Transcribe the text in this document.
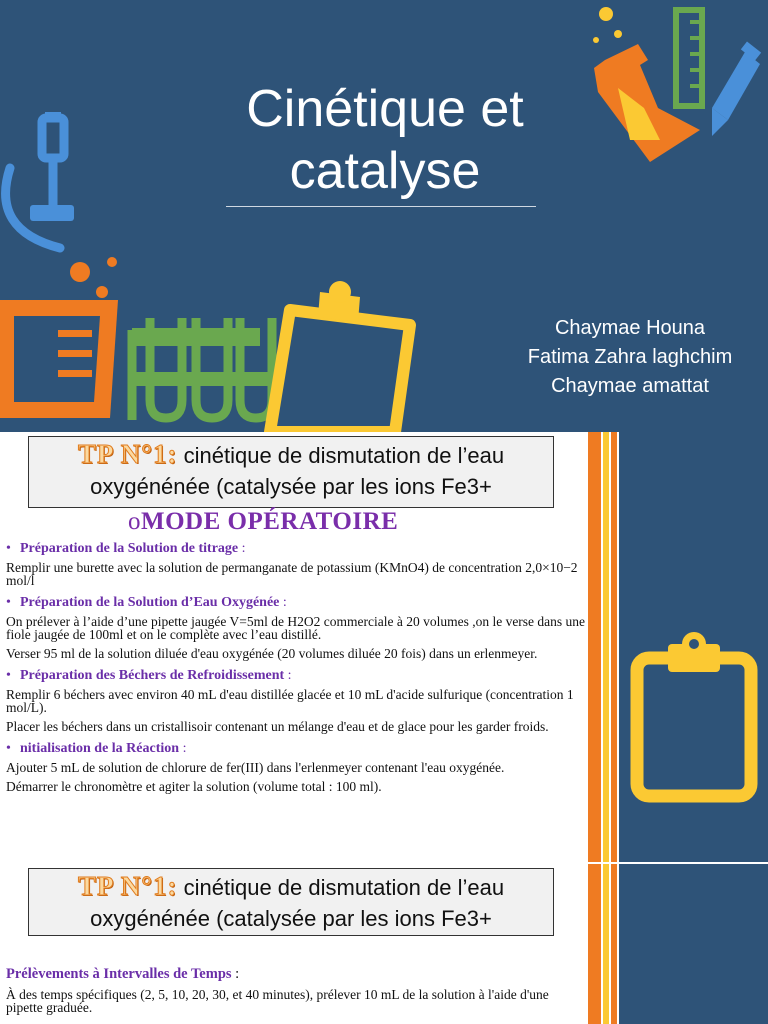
Cinétique et
catalyse
Chaymae Houna
Fatima Zahra laghchim
Chaymae amattat
TP N°1: cinétique de dismutation de l’eau
oxygénénée (catalysée par les ions Fe3+
oMODE OPÉRATOIRE
• Préparation de la Solution de titrage :

Remplir une burette avec la solution de permanganate de potassium (KMnO4) de concentration 2,0×10−2 mol/l

• Préparation de la Solution d’Eau Oxygénée :

On prélever à l’aide d’une pipette jaugée V=5ml de H2O2 commerciale à 20 volumes ,on le verse dans une fiole jaugée de 100ml et on le complète avec l’eau distillé.

Verser 95 ml de la solution diluée d'eau oxygénée (20 volumes diluée 20 fois) dans un erlenmeyer.

• Préparation des Béchers de Refroidissement :

Remplir 6 béchers avec environ 40 mL d'eau distillée glacée et 10 mL d'acide sulfurique (concentration 1 mol/L).

Placer les béchers dans un cristallisoir contenant un mélange d'eau et de glace pour les garder froids.

• nitialisation de la Réaction :

Ajouter 5 mL de solution de chlorure de fer(III) dans l'erlenmeyer contenant l'eau oxygénée.

Démarrer le chronomètre et agiter la solution (volume total : 100 ml).

TP N°1: cinétique de dismutation de l’eau
oxygénénée (catalysée par les ions Fe3+
Prélèvements à Intervalles de Temps :

À des temps spécifiques (2, 5, 10, 20, 30, et 40 minutes), prélever 10 mL de la solution à l'aide d'une pipette graduée.
